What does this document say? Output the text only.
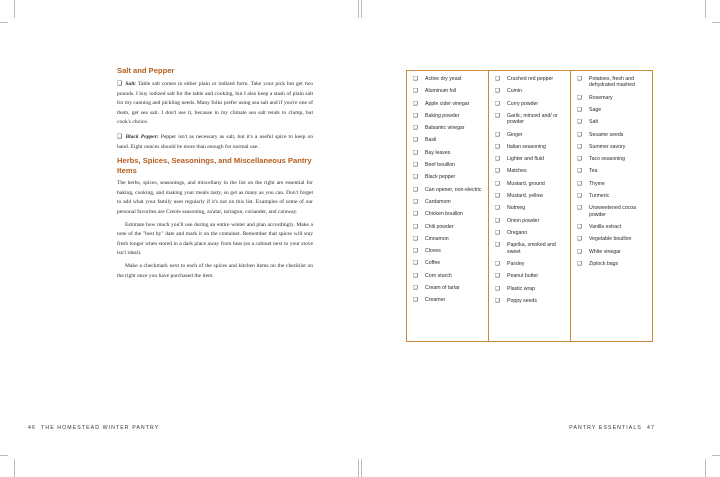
Salt and Pepper

❑ Salt: Table salt comes in either plain or iodized form. Take your pick but get two pounds. I buy iodized salt for the table and cooking, but I also keep a stash of plain salt for my canning and pickling needs. Many folks prefer using sea salt and if you're one of them, get sea salt. I don't use it, because in my climate sea salt tends to clump, but cook's choice.

❑ Black Pepper: Pepper isn't as necessary as salt, but it's a useful spice to keep on hand. Eight ounces should be more than enough for normal use.

Herbs, Spices, Seasonings, and Miscellaneous Pantry Items

The herbs, spices, seasonings, and miscellany in the list on the right are essential for baking, cooking, and making your meals tasty, so get as many as you can. Don't forget to add what your family uses regularly if it's not on this list. Examples of some of our personal favorites are Creole seasoning, za'atar, tarragon, coriander, and caraway.

Estimate how much you'll use during an entire winter and plan accordingly. Make a note of the "best by" date and mark it on the container. Remember that spices will stay fresh longer when stored in a dark place away from heat (so a cabinet next to your stove isn't ideal).

Make a checkmark next to each of the spices and kitchen items on the checklist on the right once you have purchased the item.

❑	Active dry yeast
❑	Aluminum foil
❑	Apple cider vinegar
❑	Baking powder
❑	Balsamic vinegar
❑	Basil
❑	Bay leaves
❑	Beef bouillon
❑	Black pepper
❑	Can opener, non-electric
❑	Cardamom
❑	Chicken bouillon
❑	Chili powder
❑	Cinnamon
❑	Cloves
❑	Coffee
❑	Corn starch
❑	Cream of tartar
❑	Creamer
❑	Crushed red pepper
❑	Cumin
❑	Curry powder
❑	Garlic, minced and/ or powder
❑	Ginger
❑	Italian seasoning
❑	Lighter and fluid
❑	Matches
❑	Mustard, ground
❑	Mustard, yellow
❑	Nutmeg
❑	Onion powder
❑	Oregano
❑	Paprika, smoked and sweet
❑	Parsley
❑	Peanut butter
❑	Plastic wrap
❑	Poppy seeds
❑	Potatoes, fresh and dehydrated mashed
❑	Rosemary
❑	Sage
❑	Salt
❑	Sesame seeds
❑	Summer savory
❑	Taco seasoning
❑	Tea
❑	Thyme
❑	Turmeric
❑	Unsweetened cocoa powder
❑	Vanilla extract
❑	Vegetable bouillon
❑	White vinegar
❑	Ziplock bags
46 THE HOMESTEAD WINTER PANTRY	PANTRY ESSENTIALS 47
